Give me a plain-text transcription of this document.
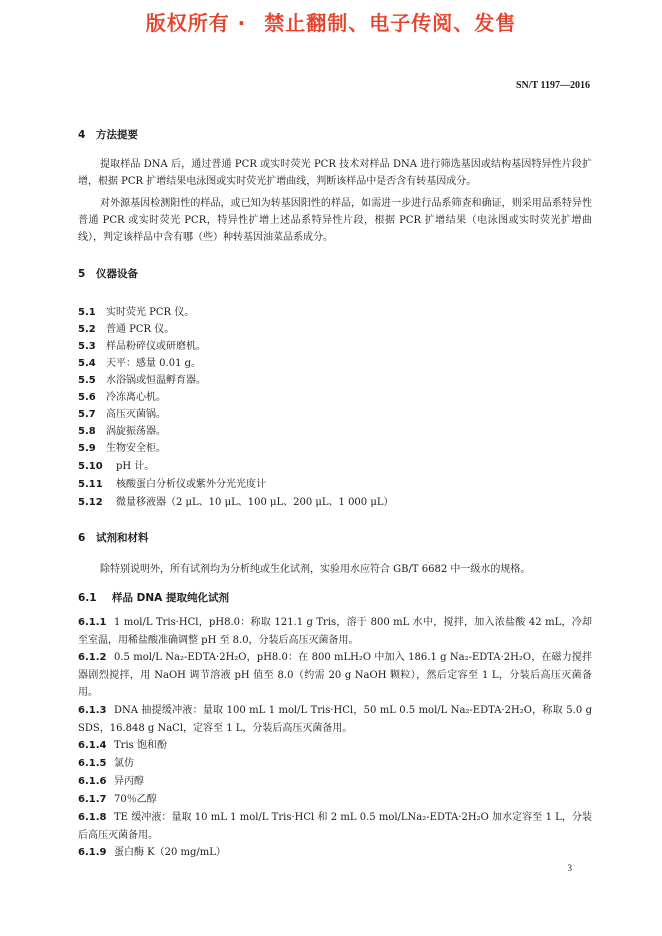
版权所有 · 禁止翻制、电子传阅、发售
SN/T 1197—2016
4 方法提要
提取样品 DNA 后，通过普通 PCR 或实时荧光 PCR 技术对样品 DNA 进行筛选基因或结构基因特异性片段扩增，根据 PCR 扩增结果电泳图或实时荧光扩增曲线，判断该样品中是否含有转基因成分。
对外源基因检测阳性的样品，或已知为转基因阳性的样品，如需进一步进行品系筛查和确证，则采用品系特异性普通 PCR 或实时荧光 PCR，特异性扩增上述品系特异性片段，根据 PCR 扩增结果（电泳图或实时荧光扩增曲线），判定该样品中含有哪（些）种转基因油菜品系成分。
5 仪器设备
5.1 实时荧光 PCR 仪。
5.2 普通 PCR 仪。
5.3 样品粉碎仪或研磨机。
5.4 天平：感量 0.01 g。
5.5 水浴锅或恒温孵育器。
5.6 冷冻离心机。
5.7 高压灭菌锅。
5.8 涡旋振荡器。
5.9 生物安全柜。
5.10 pH 计。
5.11 核酸蛋白分析仪或紫外分光光度计
5.12 微量移液器（2 μL、10 μL、100 μL、200 μL、1 000 μL）
6 试剂和材料
除特别说明外，所有试剂均为分析纯或生化试剂，实验用水应符合 GB/T 6682 中一级水的规格。
6.1 样品 DNA 提取纯化试剂
6.1.1 1 mol/L Tris·HCl，pH8.0：称取 121.1 g Tris，溶于 800 mL 水中，搅拌，加入浓盐酸 42 mL，冷却至室温，用稀盐酸准确调整 pH 至 8.0，分装后高压灭菌备用。
6.1.2 0.5 mol/L Na₂-EDTA·2H₂O，pH8.0：在 800 mLH₂O 中加入 186.1 g Na₂-EDTA·2H₂O，在磁力搅拌器剧烈搅拌，用 NaOH 调节溶液 pH 值至 8.0（约需 20 g NaOH 颗粒），然后定容至 1 L，分装后高压灭菌备用。
6.1.3 DNA 抽提缓冲液：量取 100 mL 1 mol/L Tris·HCl，50 mL 0.5 mol/L Na₂-EDTA·2H₂O，称取 5.0 g SDS，16.848 g NaCl，定容至 1 L，分装后高压灭菌备用。
6.1.4 Tris 饱和酚
6.1.5 氯仿
6.1.6 异丙醇
6.1.7 70％乙醇
6.1.8 TE 缓冲液：量取 10 mL 1 mol/L Tris·HCl 和 2 mL 0.5 mol/LNa₂-EDTA·2H₂O 加水定容至 1 L，分装后高压灭菌备用。
6.1.9 蛋白酶 K（20 mg/mL）
3
